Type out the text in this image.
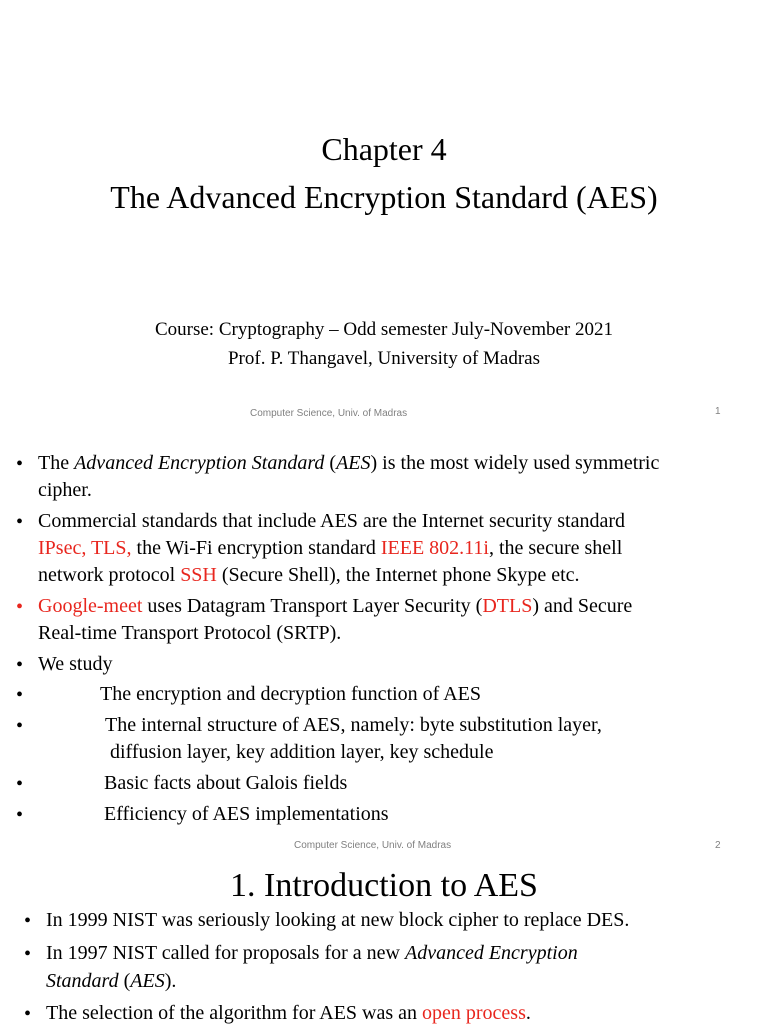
Chapter 4
The Advanced Encryption Standard (AES)
Course: Cryptography – Odd semester July-November 2021
Prof. P. Thangavel, University of Madras
Computer Science, Univ. of Madras	1
• The Advanced Encryption Standard (AES) is the most widely used symmetric
cipher.
• Commercial standards that include AES are the Internet security standard
IPsec, TLS, the Wi-Fi encryption standard IEEE 802.11i, the secure shell
network protocol SSH (Secure Shell), the Internet phone Skype etc.
• Google-meet uses Datagram Transport Layer Security (DTLS) and Secure
Real-time Transport Protocol (SRTP).
• We study
•	The encryption and decryption function of AES
•	The internal structure of AES, namely: byte substitution layer,
diffusion layer, key addition layer, key schedule
•	Basic facts about Galois fields
•	Efficiency of AES implementations
Computer Science, Univ. of Madras	2
1. Introduction to AES
• In 1999 NIST was seriously looking at new block cipher to replace DES.
• In 1997 NIST called for proposals for a new Advanced Encryption
Standard (AES).
• The selection of the algorithm for AES was an open process.
